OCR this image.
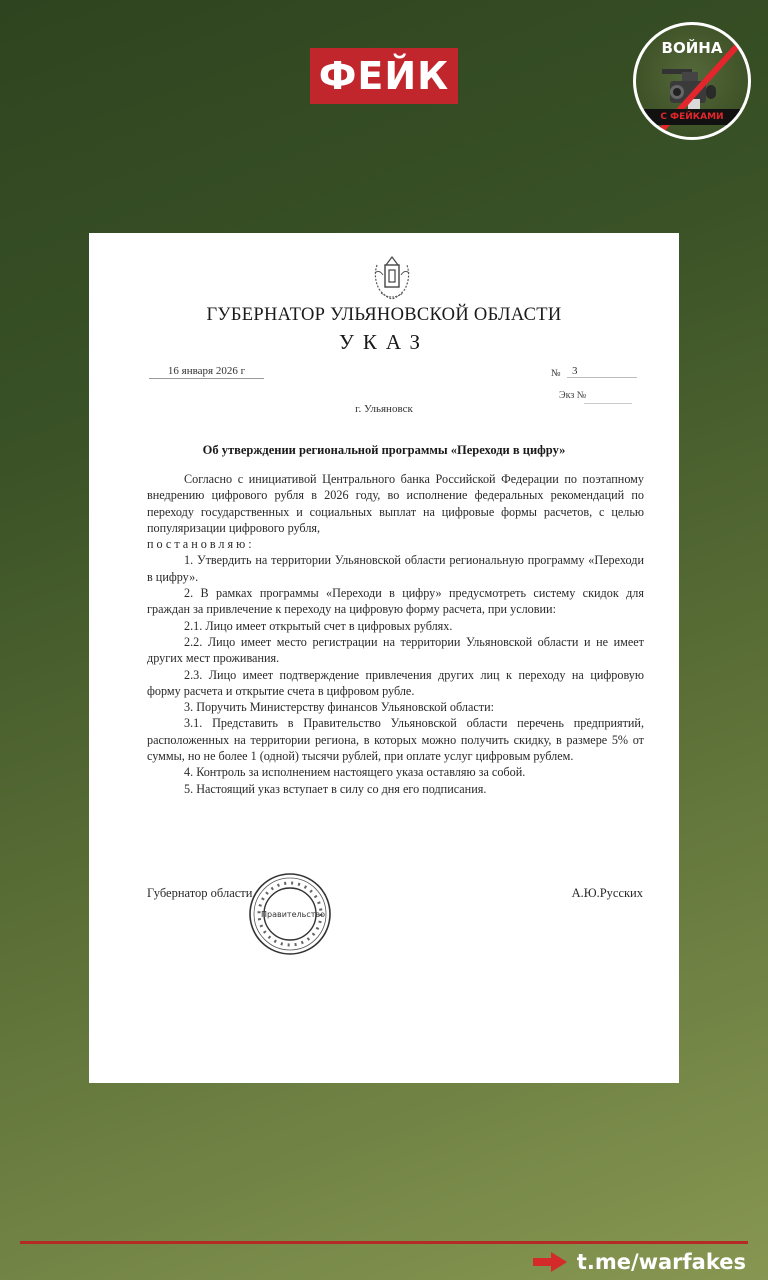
ФЕЙК
ВОЙНА
С ФЕЙКАМИ
ГУБЕРНАТОР УЛЬЯНОВСКОЙ ОБЛАСТИ
УКАЗ
16 января 2026 г	№	3
Экз №
г. Ульяновск
Об утверждении региональной программы «Переходи в цифру»

Согласно с инициативой Центрального банка Российской Федерации по поэтапному внедрению цифрового рубля в 2026 году, во исполнение федеральных рекомендаций по переходу государственных и социальных выплат на цифровые формы расчетов, с целью популяризации цифрового рубля,

постановляю:

1. Утвердить на территории Ульяновской области региональную программу «Переходи в цифру».

2. В рамках программы «Переходи в цифру» предусмотреть систему скидок для граждан за привлечение к переходу на цифровую форму расчета, при условии:

2.1. Лицо имеет открытый счет в цифровых рублях.

2.2. Лицо имеет место регистрации на территории Ульяновской области и не имеет других мест проживания.

2.3. Лицо имеет подтверждение привлечения других лиц к переходу на цифровую форму расчета и открытие счета в цифровом рубле.

3. Поручить Министерству финансов Ульяновской области:

3.1. Представить в Правительство Ульяновской области перечень предприятий, расположенных на территории региона, в которых можно получить скидку, в размере 5% от суммы, но не более 1 (одной) тысячи рублей, при оплате услуг цифровым рублем.

4. Контроль за исполнением настоящего указа оставляю за собой.

5. Настоящий указ вступает в силу со дня его подписания.

Губернатор области
Правительство
А.Ю.Русских
t.me/warfakes
